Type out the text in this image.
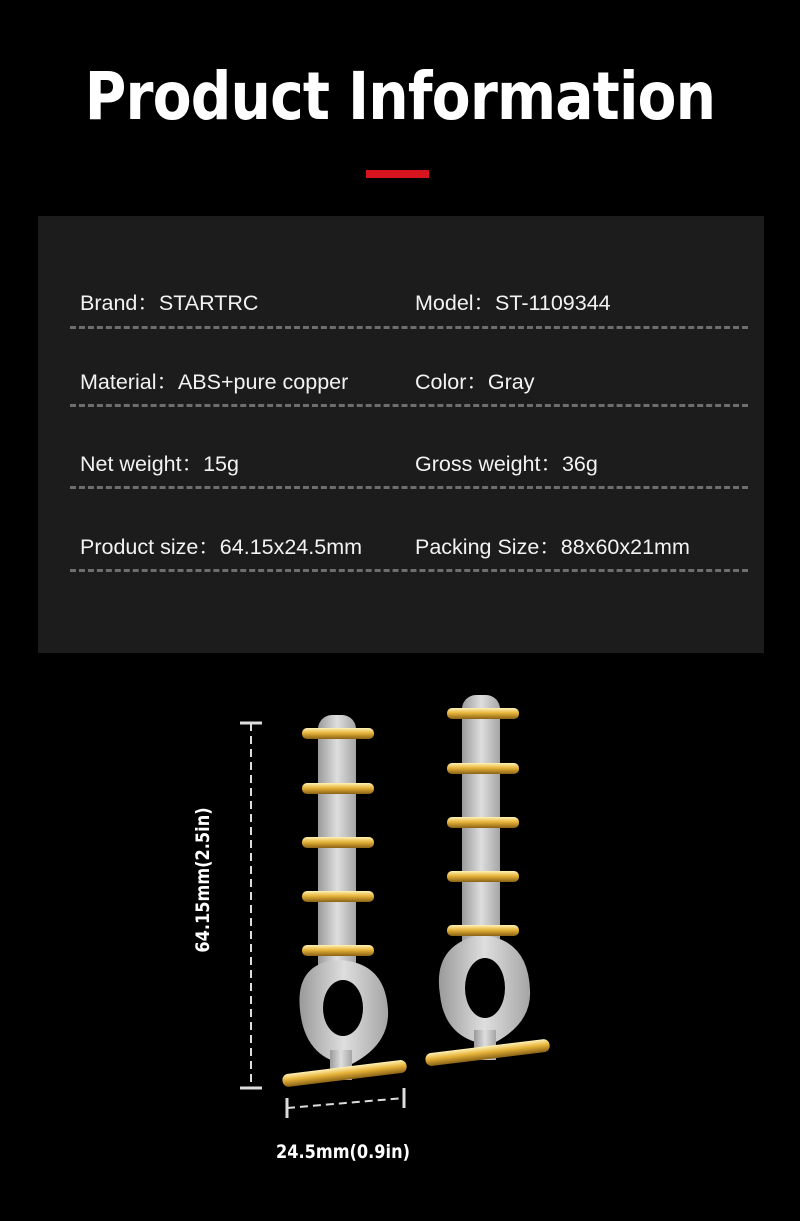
Product Information
Brand：STARTRC	Model：ST-1109344
Material：ABS+pure copper	Color：Gray
Net weight：15g	Gross weight：36g
Product size：64.15x24.5mm Packing Size：88x60x21mm
64.15mm(2.5in)
24.5mm(0.9in)
